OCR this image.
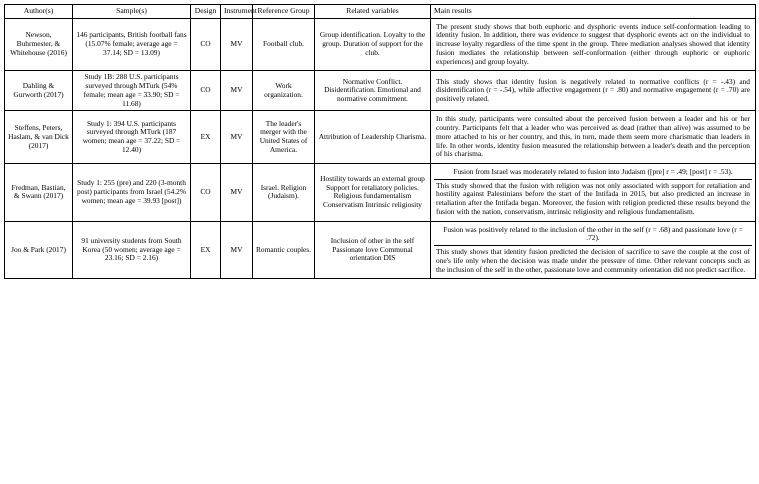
Author(s)	Sample(s)	Design	Instrument	Reference Group	Related variables	Main results
Newson, Buhrmester, & Whitehouse (2016)	146 participants, British football fans (15.07% female; average age = 37.14; SD = 13.09)	CO	MV	Football club.	Group identification. Loyalty to the group. Duration of support for the club.	The present study shows that both euphoric and dysphoric events induce self-conformation leading to identity fusion. In addition, there was evidence to suggest that dysphoric events act on the individual to increase loyalty regardless of the time spent in the group. Three mediation analyses showed that identity fusion mediates the relationship between self-conformation (either through euphoric or euphoric experiences) and group loyalty.

Dahling & Gurworth (2017)	Study 1B: 288 U.S. participants surveyed through MTurk (54% female; mean age = 33.90; SD = 11.68)	CO	MV	Work organization.	Normative Conflict. Disidentification. Emotional and normative commitment.	This study shows that identity fusion is negatively related to normative conflicts (r = -.43) and disidentification (r = -.54), while affective engagement (r = .80) and normative engagement (r = .70) are positively related.

Steffens, Peters, Haslam, & van Dick (2017)	Study 1: 394 U.S. participants surveyed through MTurk (187 women; mean age = 37.22; SD = 12.40)	EX	MV	The leader's merger with the United States of America.	Attribution of Leadership Charisma.	In this study, participants were consulted about the perceived fusion between a leader and his or her country. Participants felt that a leader who was perceived as dead (rather than alive) was assumed to be more attached to his or her country, and this, in turn, made them seem more charismatic than leaders in life. In other words, identity fusion measured the relationship between a leader's death and the perception of his charisma.

Fredman, Bastian, & Swann (2017)	Study 1: 255 (pre) and 220 (3-month post) participants from Israel (54.2% women; mean age = 39.93 [post])	CO	MV	Israel. Religion (Judaism).	Hostility towards an external group Support for retaliatory policies. Religious fundamentalism Conservatism Intrinsic religiosity	Fusion from Israel was moderately related to fusion into Judaism ([pre] r = .49; [post] r = .53).
This study showed that the fusion with religion was not only associated with support for retaliation and hostility against Palestinians before the start of the Intifada in 2015, but also predicted an increase in retaliation after the Intifada began. Moreover, the fusion with religion predicted these results beyond the fusion with the nation, conservatism, intrinsic religiosity and religious fundamentalism.

Joo & Park (2017)	91 university students from South Korea (50 women; average age = 23.16; SD = 2.16)	EX	MV	Romantic couples.	Inclusion of other in the self Passionate love Communal orientation DIS	Fusion was positively related to the inclusion of the other in the self (r = .68) and passionate love (r = .72).
This study shows that identity fusion predicted the decision of sacrifice to save the couple at the cost of one's life only when the decision was made under the pressure of time. Other relevant concepts such as the inclusion of the self in the other, passionate love and community orientation did not predict sacrifice.
